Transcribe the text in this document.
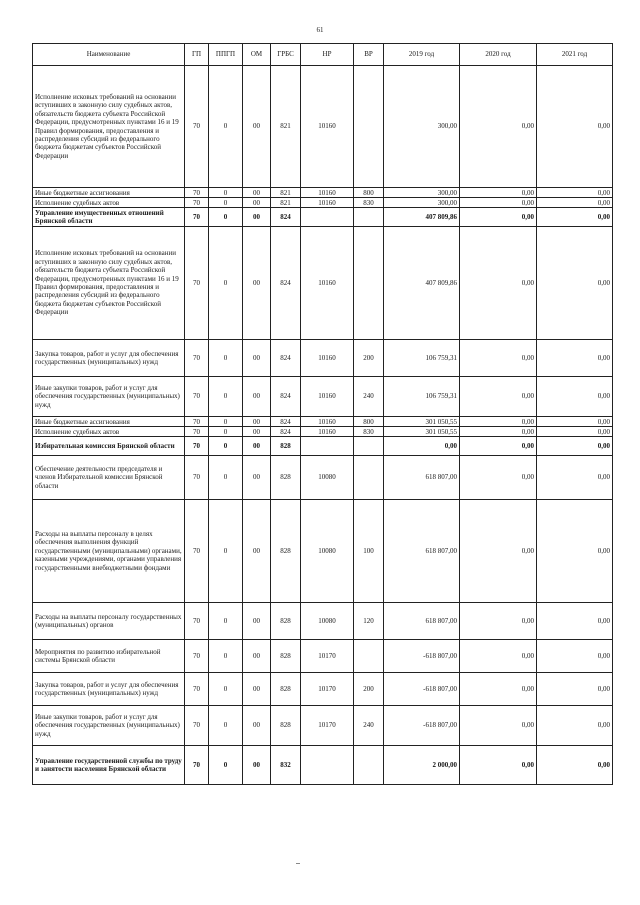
61
Наименование	ГП	ППГП	ОМ	ГРБС	НР	ВР	2019 год	2020 год	2021 год
Исполнение исковых требований на основании вступивших в законную силу судебных актов, обязательств бюджета субъекта Российской Федерации, предусмотренных пунктами 16 и 19 Правил формирования, предоставления и распределения субсидий из федерального бюджета бюджетам субъектов Российской Федерации	70	0	00	821	10160		300,00	0,00	0,00
Иные бюджетные ассигнования	70	0	00	821	10160	800	300,00	0,00	0,00
Исполнение судебных актов	70	0	00	821	10160	830	300,00	0,00	0,00
Управление имущественных отношений Брянской области	70	0	00	824			407 809,86	0,00	0,00
Исполнение исковых требований на основании вступивших в законную силу судебных актов, обязательств бюджета субъекта Российской Федерации, предусмотренных пунктами 16 и 19 Правил формирования, предоставления и распределения субсидий из федерального бюджета бюджетам субъектов Российской Федерации	70	0	00	824	10160		407 809,86	0,00	0,00
Закупка товаров, работ и услуг для обеспечения государственных (муниципальных) нужд	70	0	00	824	10160	200	106 759,31	0,00	0,00
Иные закупки товаров, работ и услуг для обеспечения государственных (муниципальных) нужд	70	0	00	824	10160	240	106 759,31	0,00	0,00
Иные бюджетные ассигнования	70	0	00	824	10160	800	301 050,55	0,00	0,00
Исполнение судебных актов	70	0	00	824	10160	830	301 050,55	0,00	0,00
Избирательная комиссия Брянской области	70	0	00	828			0,00	0,00	0,00
Обеспечение деятельности председателя и членов Избирательной комиссии Брянской области	70	0	00	828	10080		618 807,00	0,00	0,00
Расходы на выплаты персоналу в целях обеспечения выполнения функций государственными (муниципальными) органами, казенными учреждениями, органами управления государственными внебюджетными фондами	70	0	00	828	10080	100	618 807,00	0,00	0,00
Расходы на выплаты персоналу государственных (муниципальных) органов	70	0	00	828	10080	120	618 807,00	0,00	0,00
Мероприятия по развитию избирательной системы Брянской области	70	0	00	828	10170		-618 807,00	0,00	0,00
Закупка товаров, работ и услуг для обеспечения государственных (муниципальных) нужд	70	0	00	828	10170	200	-618 807,00	0,00	0,00
Иные закупки товаров, работ и услуг для обеспечения государственных (муниципальных) нужд	70	0	00	828	10170	240	-618 807,00	0,00	0,00
Управление государственной службы по труду и занятости населения Брянской области	70	0	00	832			2 000,00	0,00	0,00
